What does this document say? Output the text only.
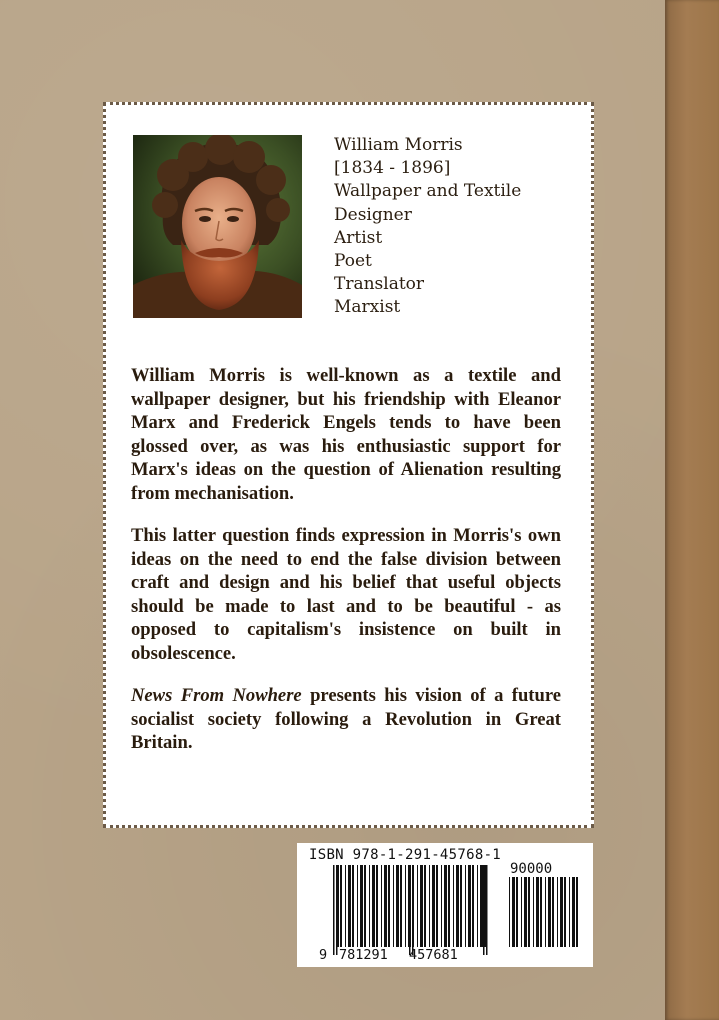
William Morris
[1834 - 1896]
Wallpaper and Textile
Designer
Artist
Poet
Translator
Marxist
William Morris is well-known as a textile and wallpaper designer, but his friendship with Eleanor Marx and Frederick Engels tends to have been glossed over, as was his enthusiastic support for Marx's ideas on the question of Alienation resulting from mechanisation.
This latter question finds expression in Morris's own ideas on the need to end the false division between craft and design and his belief that useful objects should be made to last and to be beautiful - as opposed to capitalism's insistence on built in obsolescence.
News From Nowhere presents his vision of a future socialist society following a Revolution in Great Britain.
ISBN 978-1-291-45768-1
90000
9 781291 457681
